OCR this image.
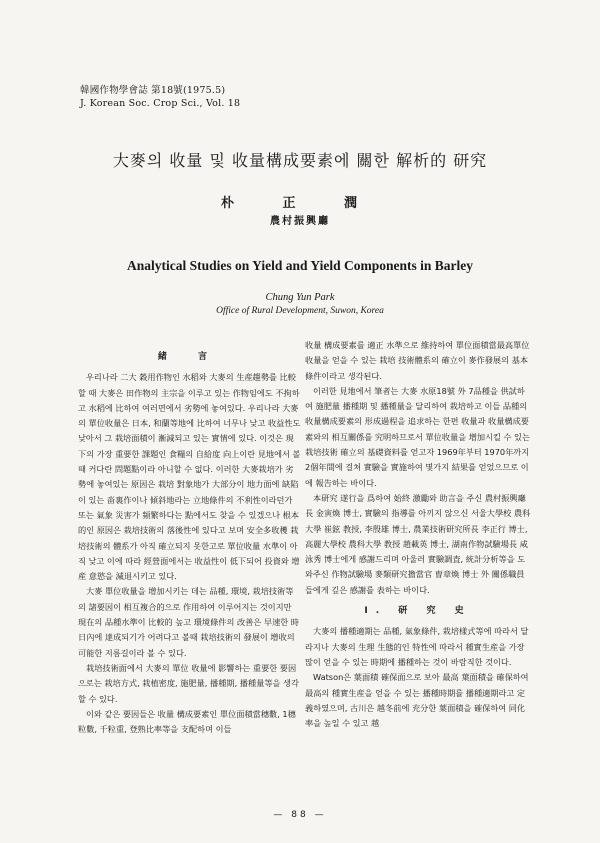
韓國作物學會誌 第18號(1975.5)
J. Korean Soc. Crop Sci., Vol. 18
大麥의 收量 및 收量構成要素에 關한 解析的 研究
朴 正 潤
農村振興廳
Analytical Studies on Yield and Yield Components in Barley
Chung Yun Park
Office of Rural Development, Suwon, Korea
緒 言

우리나라 二大 穀用作物인 水稻와 大麥의 生産趨勢를 比較할 때 大麥은 田作物의 主宗을 이루고 있는 作物임에도 不拘하고 水稻에 比하여 여러면에서 劣勢에 놓여있다. 우리나라 大麥의 單位收量은 日本, 和蘭等地에 比하여 너무나 낮고 收益性도 낮아서 그 栽培面積이 漸減되고 있는 實情에 있다. 이것은 現下의 가장 重要한 課題인 食糧의 自給度 向上이란 見地에서 볼때 커다란 問題點이라 아니할 수 없다. 이러한 大麥栽培가 劣勢에 놓여있는 原因은 栽培 對象地가 大部分이 地力面에 缺陷이 있는 畓裏作이나 傾斜地라는 立地條件의 不利性이라던가 또는 氣象 災害가 頻繁하다는 點에서도 찾을 수 있겠으나 根本的인 原因은 栽培技術의 落後性에 있다고 보며 安全多收穫 栽培技術의 體系가 아직 確立되지 못한고로 單位收量 水準이 아직 낮고 이에 따라 經營面에서는 收益性이 低下되어 投資와 增産 意慾을 減退시키고 있다.

大麥 單位收量을 增加시키는 데는 品種, 環境, 栽培技術等의 諸要因이 相互複合的으로 作用하여 이루어지는 것이지만 現在의 品種水準이 比較的 높고 環境條件의 改善은 早速한 時日內에 達成되기가 어려다고 볼때 栽培技術의 發展이 增收의 可能한 지름길이라 볼 수 있다.

栽培技術面에서 大麥의 單位 收量에 影響하는 重要한 要因으로는 栽培方式, 栽植密度, 施肥量, 播種期, 播種量等을 생각할 수 있다.

이와 같은 要因들은 收量 構成要素인 單位面積當穗數, 1穗粒數, 千粒重, 登熟比率等을 支配하며 이들

收量 構成要素를 適正 水準으로 維持하여 單位面積當最高單位收量을 얻을 수 있는 栽培 技術體系의 確立이 麥作發展의 基本條件이라고 생각된다.

이러한 見地에서 筆者는 大麥 水原18號 外 7品種을 供試하여 施肥量 播種期 및 播種量을 달리하여 栽培하고 이들 品種의 收量構成要素의 形成過程을 追求하는 한편 收量과 收量構成要素와의 相互關係를 究明하므로서 單位收量을 增加시킬 수 있는 栽培技術 確立의 基礎資料를 얻고자 1969年부터 1970年까지 2個年間에 걸쳐 實驗을 實施하여 몇가지 結果를 얻었으므로 이에 報告하는 바이다.

本研究 遂行을 爲하여 始終 激勵와 助言을 주신 農村振興廳長 金寅煥 博士, 實驗의 指導를 아끼지 않으신 서울大學校 農科大學 崔鉉 教授, 李殷雄 博士, 農業技術研究所長 李正行 博士, 高麗大學校 農科大學 教授 趙載英 博士, 湖南作物試驗場長 咸泳秀 博士에게 感謝드리며 아울러 實驗調査, 統計分析等을 도와주신 作物試驗場 麥類研究擔當官 曺章煥 博士 外 關係職員들에게 깊은 感謝를 表하는 바이다.

I. 研 究 史

大麥의 播種適期는 品種, 氣象條件, 栽培樣式等에 따라서 달라지나 大麥의 生理 生態的인 特性에 따라서 種實生産을 가장 많이 얻을 수 있는 時期에 播種하는 것이 바람직한 것이다.

Watson은 葉面積 確保面으로 보아 最高 葉面積을 確保하여 最高의 種實生産을 얻을 수 있는 播種時期를 播種適期라고 定義하였으며, 古川은 越冬前에 充分한 葉面積을 確保하여 同化率을 높일 수 있고 越

— 88 —
